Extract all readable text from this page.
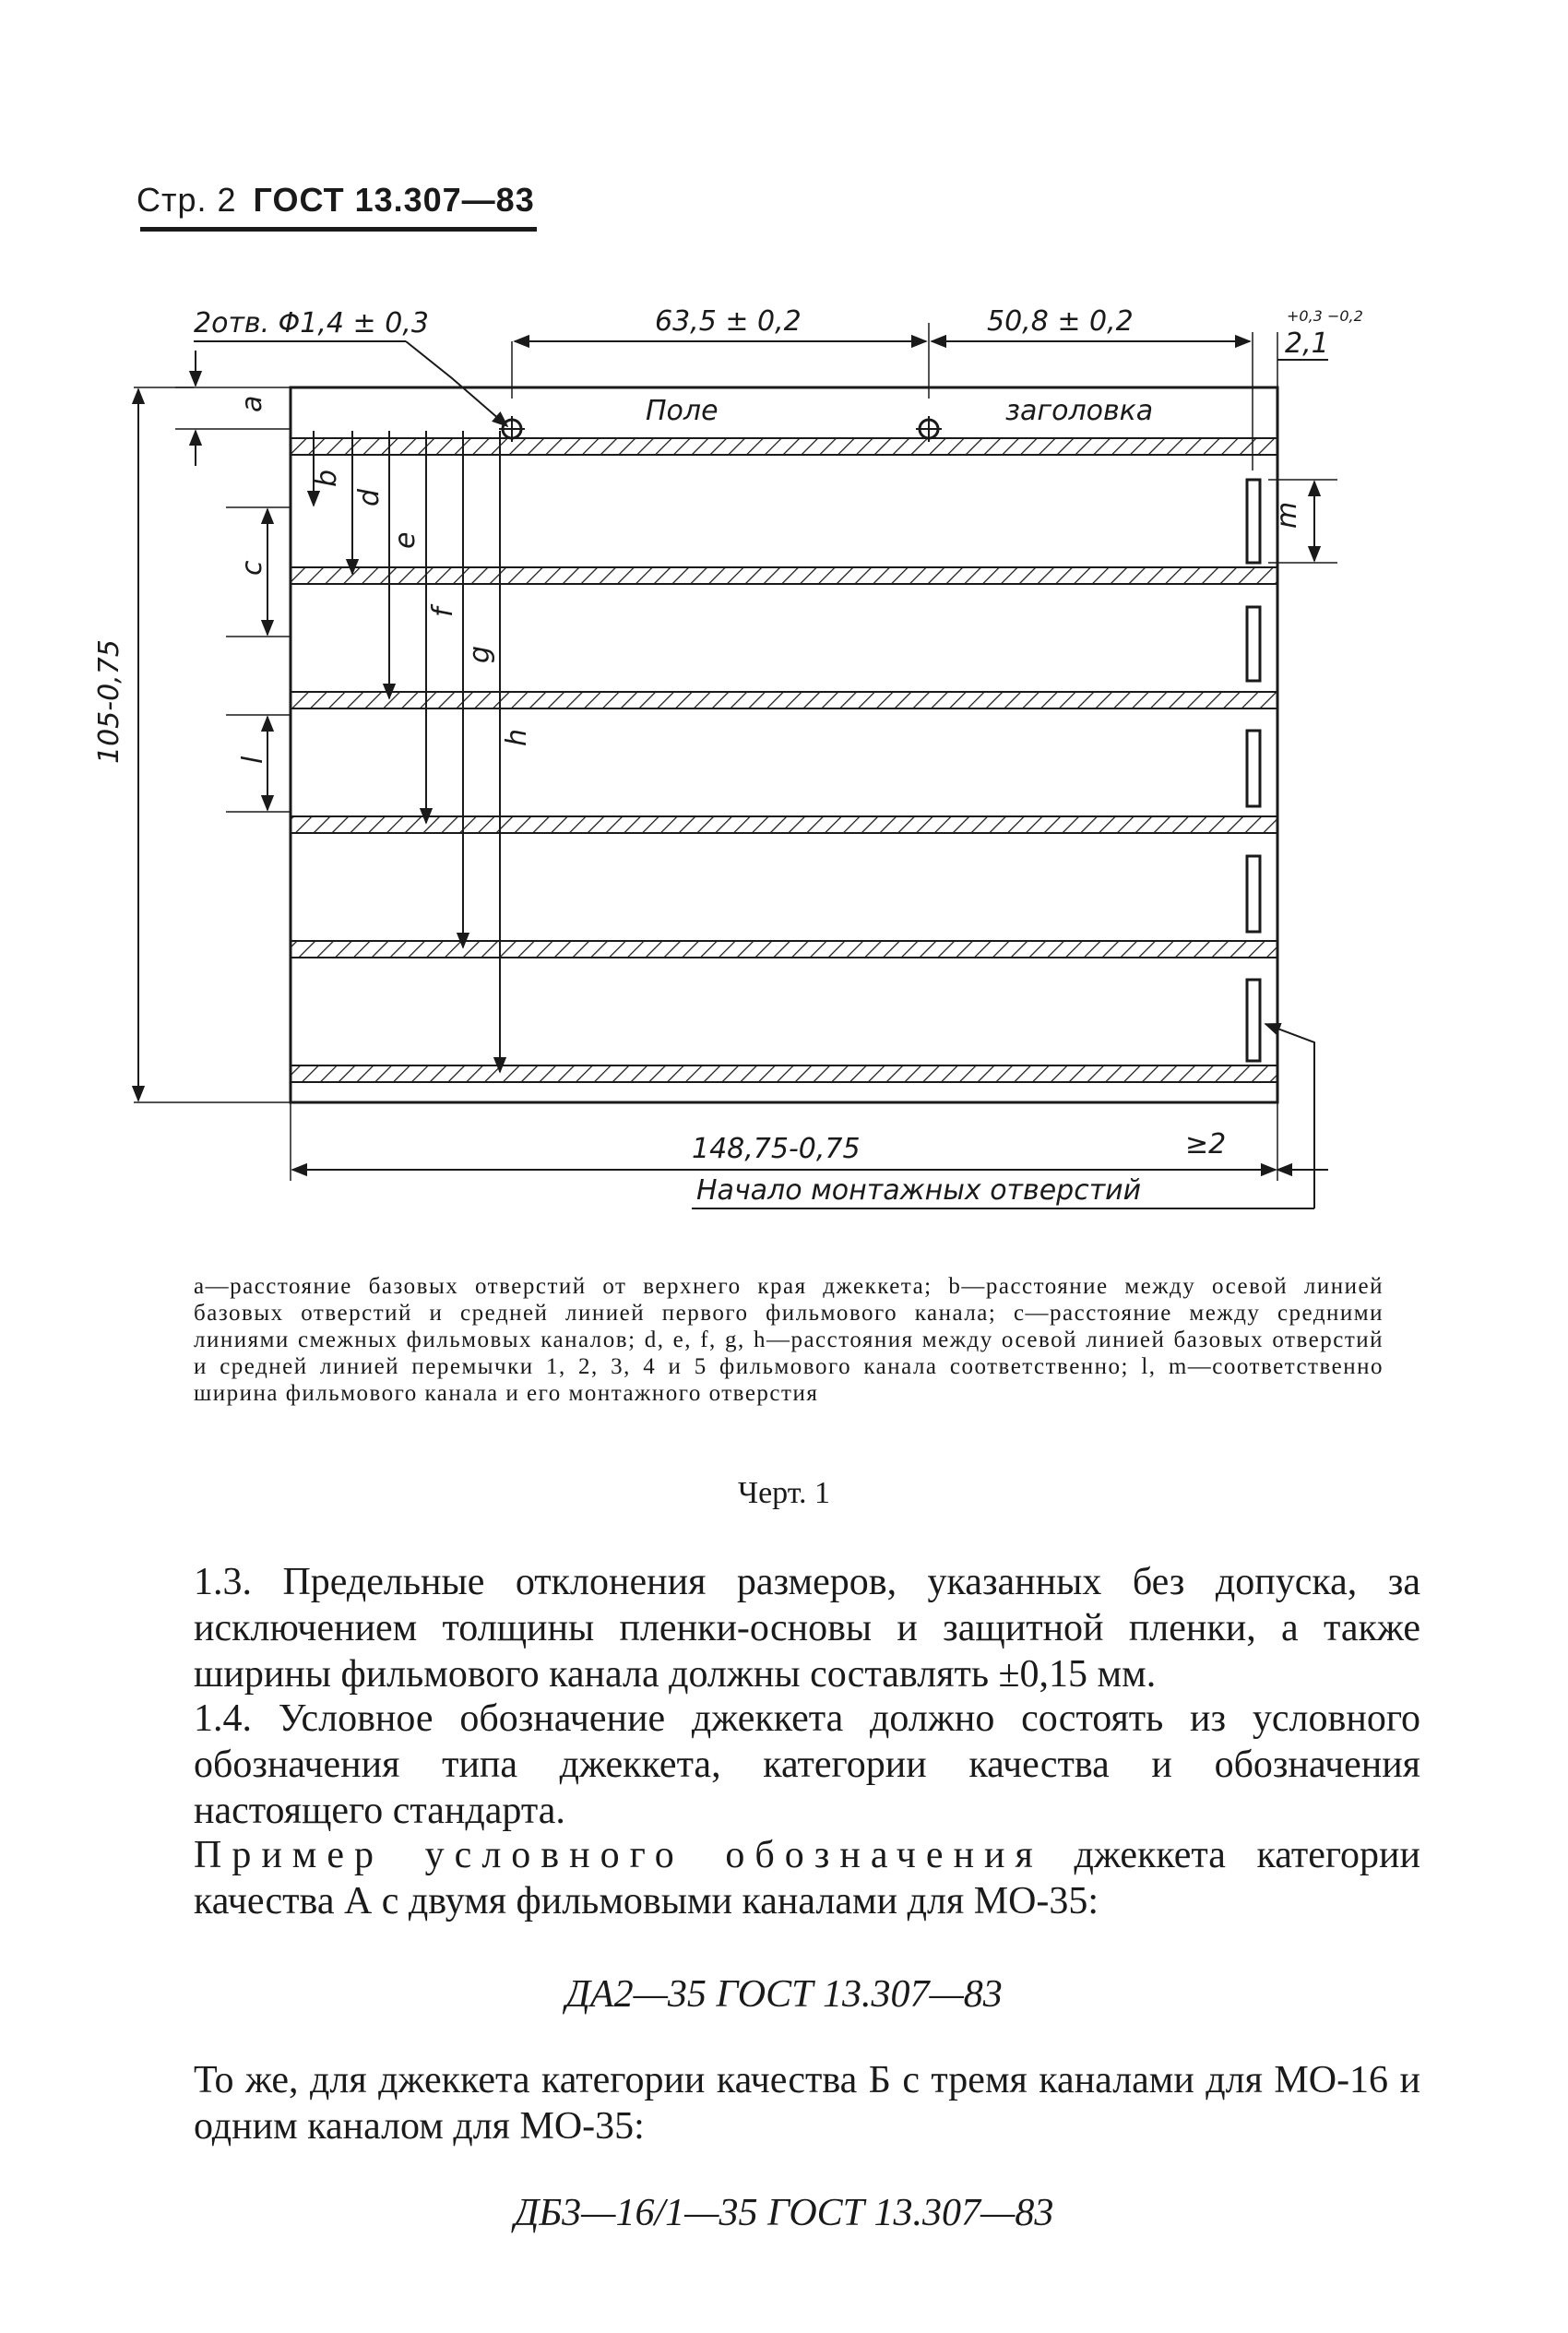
Стр. 2 ГОСТ 13.307—83
2отв. Φ1,4 ± 0,3	63,5 ± 0,2	50,8 ± 0,2
2,1
+0,3 −0,2
Поле	заголовка
a
b
c
d
e
f
g
h
l
m
105-0,75
148,75-0,75	≥2
Начало монтажных отверстий
a—расстояние базовых отверстий от верхнего края джеккета; b—расстояние между осевой линией базовых отверстий и средней линией первого фильмового канала; c—расстояние между средними линиями смежных фильмовых каналов; d, e, f, g, h—расстояния между осевой линией базовых отверстий и средней линией перемычки 1, 2, 3, 4 и 5 фильмового канала соответственно; l, m—соответственно ширина фильмового канала и его монтажного отверстия
Черт. 1

1.3. Предельные отклонения размеров, указанных без допуска, за исключением толщины пленки-основы и защитной пленки, а также ширины фильмового канала должны составлять ±0,15 мм.

1.4. Условное обозначение джеккета должно состоять из условного обозначения типа джеккета, категории качества и обозначения настоящего стандарта.

Пример условного обозначения джеккета категории качества А с двумя фильмовыми каналами для МО-35:

ДА2—35 ГОСТ 13.307—83

То же, для джеккета категории качества Б с тремя каналами для МО-16 и одним каналом для МО-35:

ДБ3—16/1—35 ГОСТ 13.307—83
